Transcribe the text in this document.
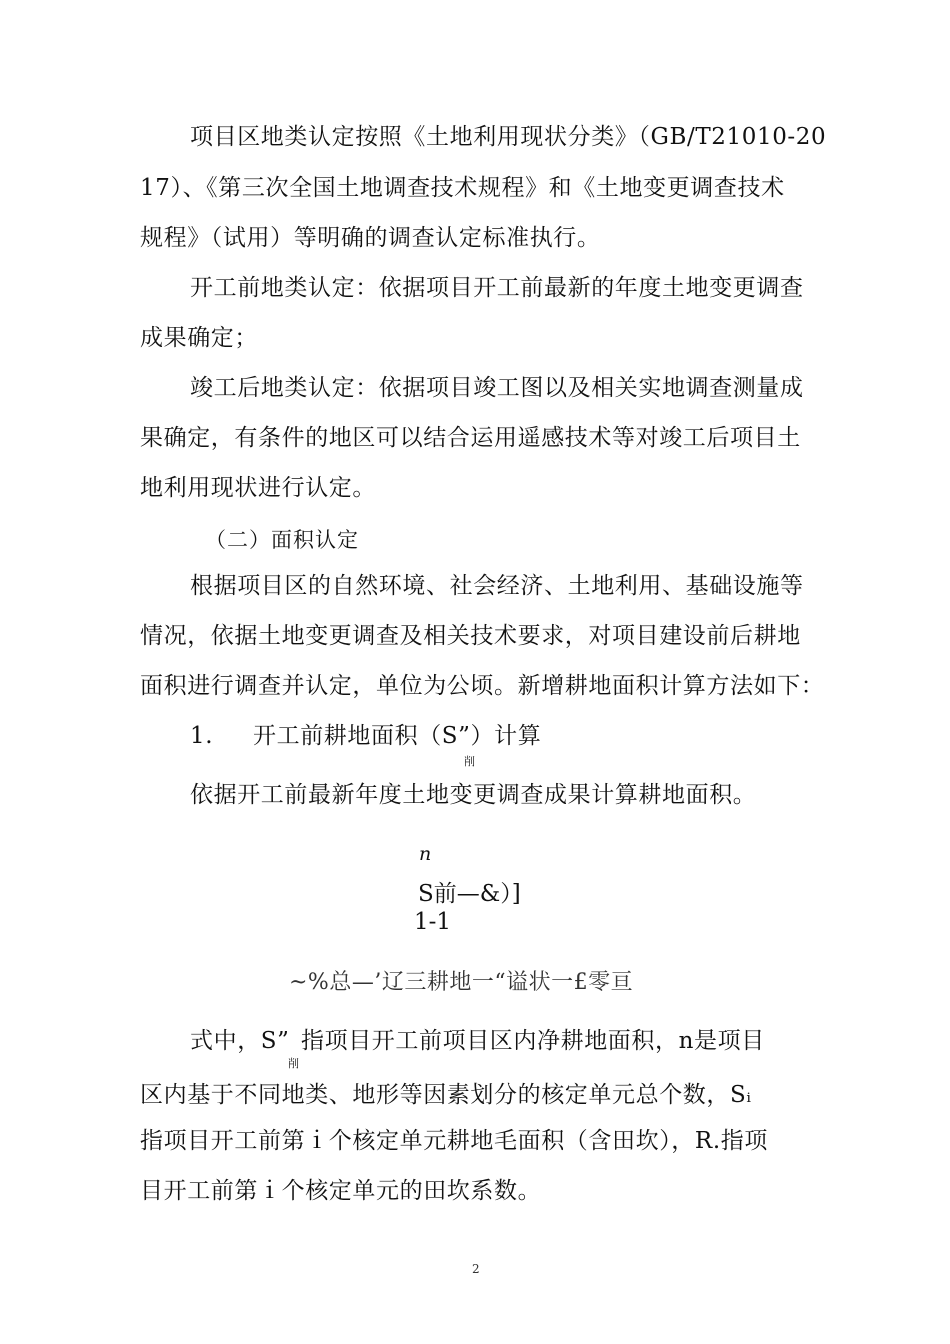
项目区地类认定按照《土地利用现状分类》（GB/T21010-20
17）、《第三次全国土地调查技术规程》和《土地变更调查技术
规程》（试用）等明确的调查认定标准执行。
开工前地类认定：依据项目开工前最新的年度土地变更调查
成果确定；
竣工后地类认定：依据项目竣工图以及相关实地调查测量成
果确定，有条件的地区可以结合运用遥感技术等对竣工后项目土
地利用现状进行认定。
（二）面积认定
根据项目区的自然环境、社会经济、土地利用、基础设施等
情况，依据土地变更调查及相关技术要求，对项目建设前后耕地
面积进行调查并认定，单位为公顷。新增耕地面积计算方法如下：
1. 开工前耕地面积（S”）计算
削
依据开工前最新年度土地变更调查成果计算耕地面积。
n
S前—&）]
1-1
~%总—’辽三耕地一“谥状一£零亘
式中，S”
削
指项目开工前项目区内净耕地面积，n是项目
区内基于不同地类、地形等因素划分的核定单元总个数，Sᵢ
指项目开工前第ｉ个核定单元耕地毛面积（含田坎），R.指项
目开工前第ｉ个核定单元的田坎系数。
2
